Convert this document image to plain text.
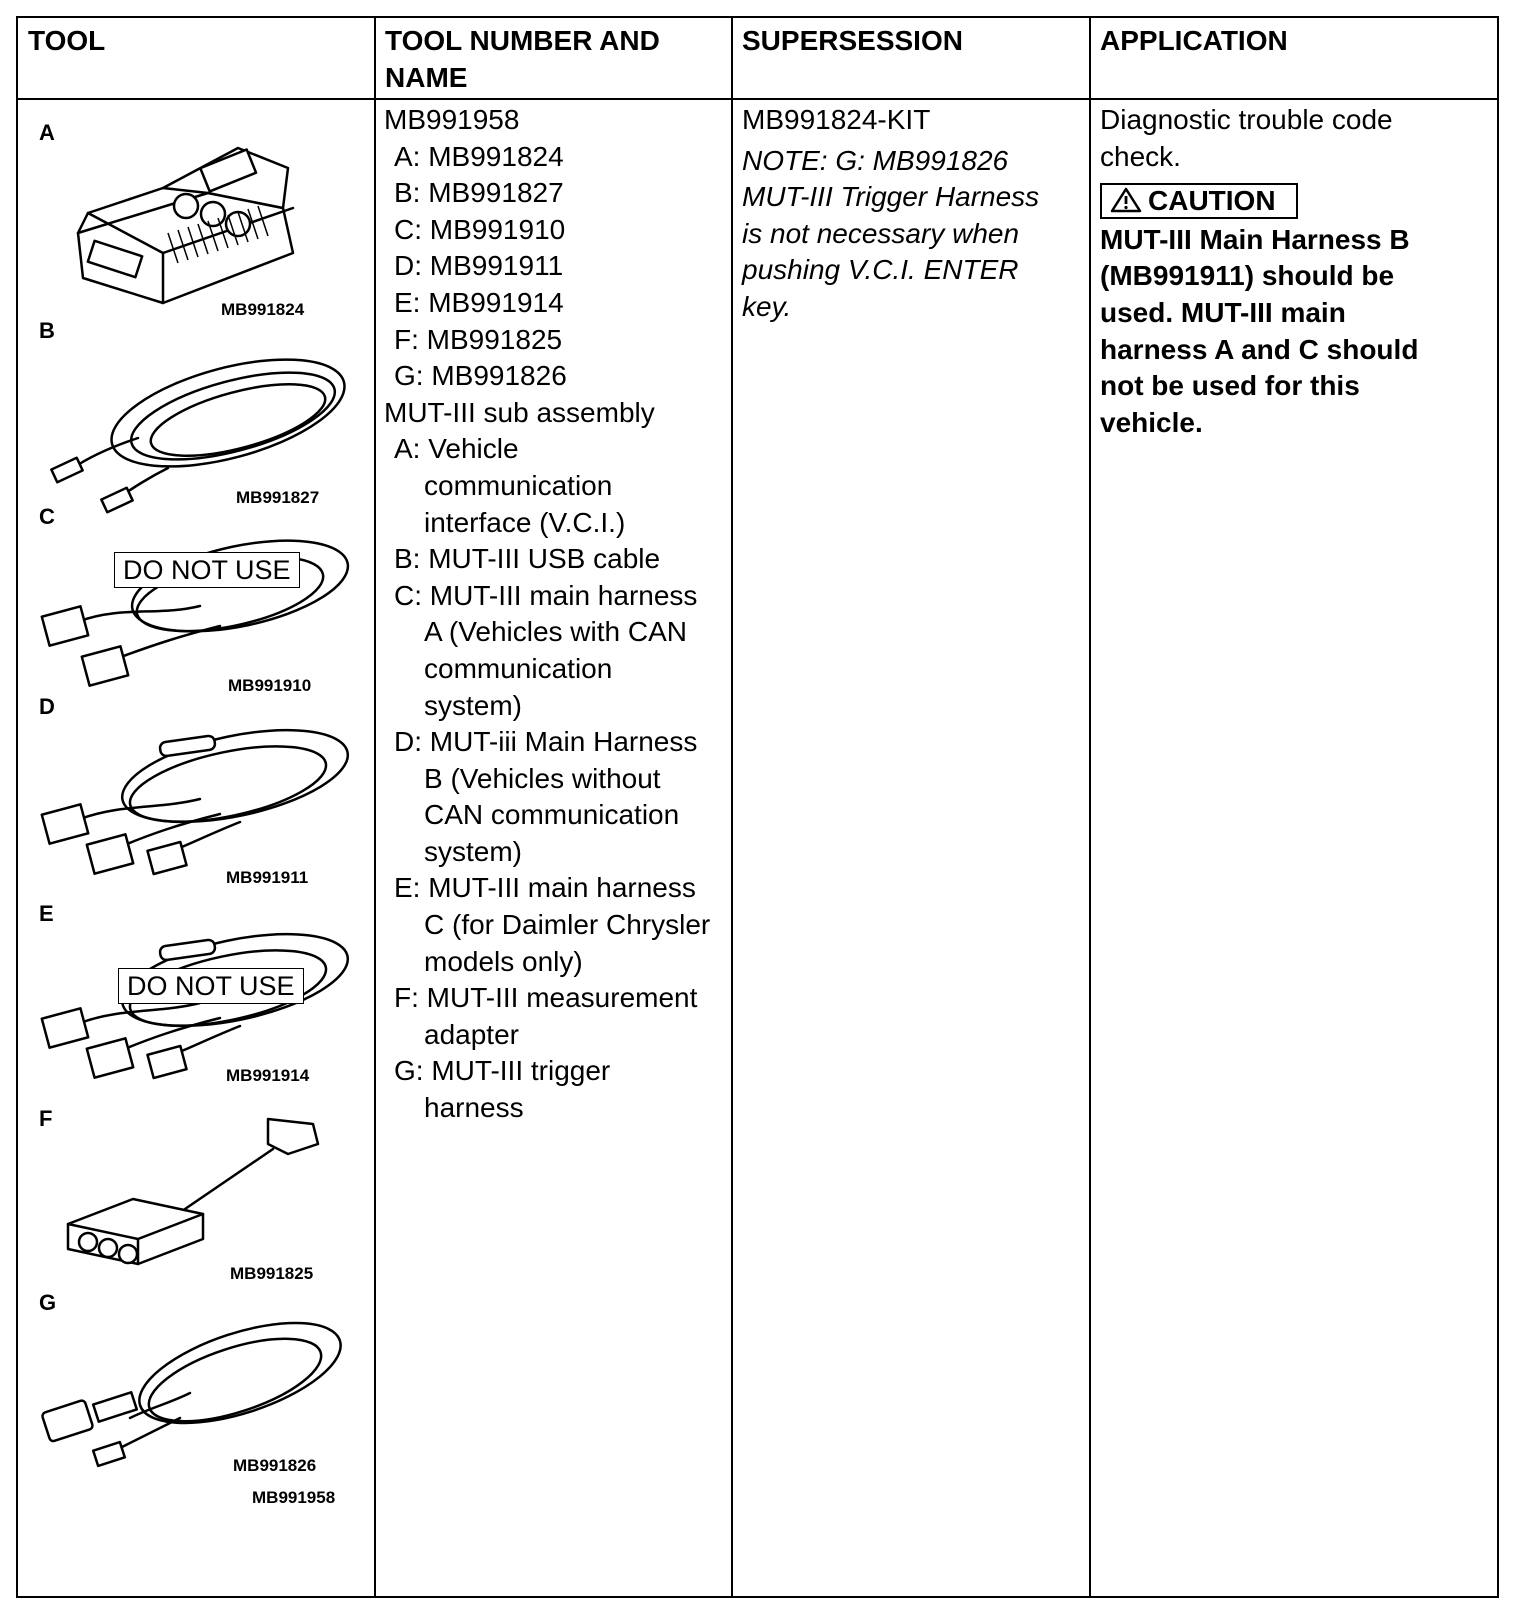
TOOL	TOOL NUMBER AND
NAME
SUPERSESSION	APPLICATION
A
MB991824
B
MB991827
C
DO NOT USE
MB991910
D
MB991911
E
DO NOT USE
MB991914
F
MB991825
G
MB991826
MB991958
MB991958
A: MB991824
B: MB991827
C: MB991910
D: MB991911
E: MB991914
F: MB991825
G: MB991826
MUT-III sub assembly
A: Vehicle
communication
interface (V.C.I.)
B: MUT-III USB cable
C: MUT-III main harness
A (Vehicles with CAN
communication
system)
D: MUT-iii Main Harness
B (Vehicles without
CAN communication
system)
E: MUT-III main harness
C (for Daimler Chrysler
models only)
F: MUT-III measurement
adapter
G: MUT-III trigger
harness
MB991824-KIT
NOTE: G: MB991826
MUT-III Trigger Harness
is not necessary when
pushing V.C.I. ENTER
key.
Diagnostic trouble code
check.
CAUTION
MUT-III Main Harness B
(MB991911) should be
used. MUT-III main
harness A and C should
not be used for this
vehicle.
